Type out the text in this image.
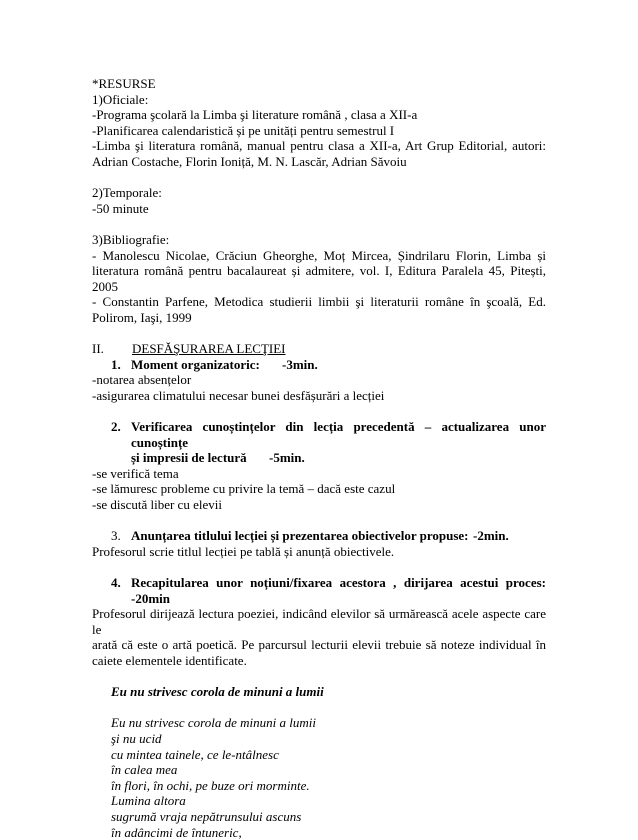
*RESURSE
1)Oficiale:
-Programa şcolară la Limba şi literature română , clasa a XII-a
-Planificarea calendaristică și pe unități pentru semestrul I
-Limba şi literatura română, manual pentru clasa a XII-a, Art Grup Editorial, autori:
Adrian Costache, Florin Ioniță, M. N. Lascăr, Adrian Săvoiu
2)Temporale:
-50 minute
3)Bibliografie:
- Manolescu Nicolae, Crăciun Gheorghe, Moț Mircea, Șindrilaru Florin, Limba și
literatura română pentru bacalaureat și admitere, vol. I, Editura Paralela 45, Pitești, 2005
- Constantin Parfene, Metodica studierii limbii şi literaturii române în şcoală, Ed.
Polirom, Iaşi, 1999
II.	DESFĂŞURAREA LECŢIEI
1. Moment organizatoric: -3min.
-notarea absențelor
-asigurarea climatului necesar bunei desfășurări a lecției
2. Verificarea cunoștințelor din lecția precedentă – actualizarea unor cunoștințe
și impresii de lectură -5min.
-se verifică tema
-se lămuresc probleme cu privire la temă – dacă este cazul
-se discută liber cu elevii
3. Anunțarea titlului lecției și prezentarea obiectivelor propuse: -2min.
Profesorul scrie titlul lecției pe tablă și anunță obiectivele.
4. Recapitularea unor noțiuni/fixarea acestora , dirijarea acestui proces:
-20min
Profesorul dirijează lectura poeziei, indicând elevilor să urmărească acele aspecte care le
arată că este o artă poetică. Pe parcursul lecturii elevii trebuie să noteze individual în
caiete elementele identificate.
Eu nu strivesc corola de minuni a lumii
Eu nu strivesc corola de minuni a lumii
şi nu ucid
cu mintea tainele, ce le-ntâlnesc
în calea mea
în flori, în ochi, pe buze ori morminte.
Lumina altora
sugrumă vraja nepătrunsului ascuns
în adâncimi de întuneric,
